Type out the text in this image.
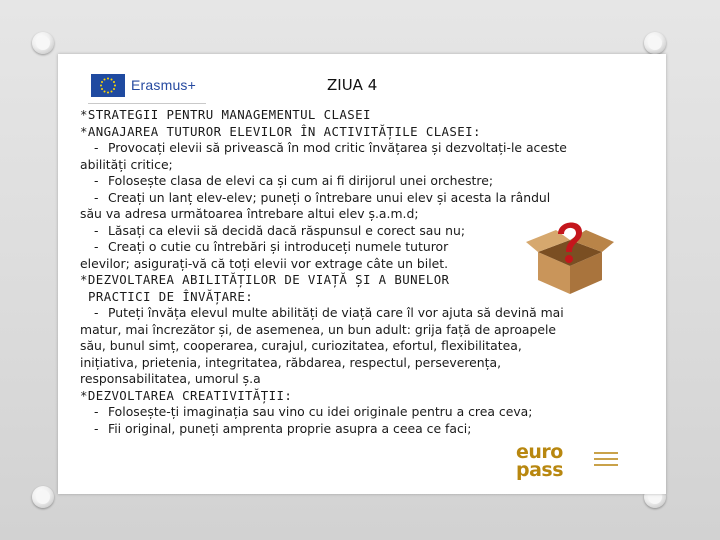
Erasmus+	ZIUA 4
*STRATEGII PENTRU MANAGEMENTUL CLASEI
*ANGAJAREA TUTUROR ELEVILOR ÎN ACTIVITĂȚILE CLASEI:
- Provocați elevii să privească în mod critic învățarea și dezvoltați-le aceste
abilități critice;
- Folosește clasa de elevi ca și cum ai fi dirijorul unei orchestre;
- Creați un lanț elev-elev; puneți o întrebare unui elev și acesta la rândul
său va adresa următoarea întrebare altui elev ș.a.m.d;
- Lăsați ca elevii să decidă dacă răspunsul e corect sau nu;
- Creați o cutie cu întrebări și introduceți numele tuturor
elevilor; asigurați-vă că toți elevii vor extrage câte un bilet.
*DEZVOLTAREA ABILITĂȚILOR DE VIAȚĂ ȘI A BUNELOR
PRACTICI DE ÎNVĂȚARE:
- Puteți învăța elevul multe abilități de viață care îl vor ajuta să devină mai
matur, mai încrezător și, de asemenea, un bun adult: grija față de aproapele
său, bunul simț, cooperarea, curajul, curiozitatea, efortul, flexibilitatea,
inițiativa, prietenia, integritatea, răbdarea, respectul, perseverența,
responsabilitatea, umorul ș.a
*DEZVOLTAREA CREATIVITĂȚII:
- Folosește-ți imaginația sau vino cu idei originale pentru a crea ceva;
- Fii original, puneți amprenta proprie asupra a ceea ce faci;
euro
pass
